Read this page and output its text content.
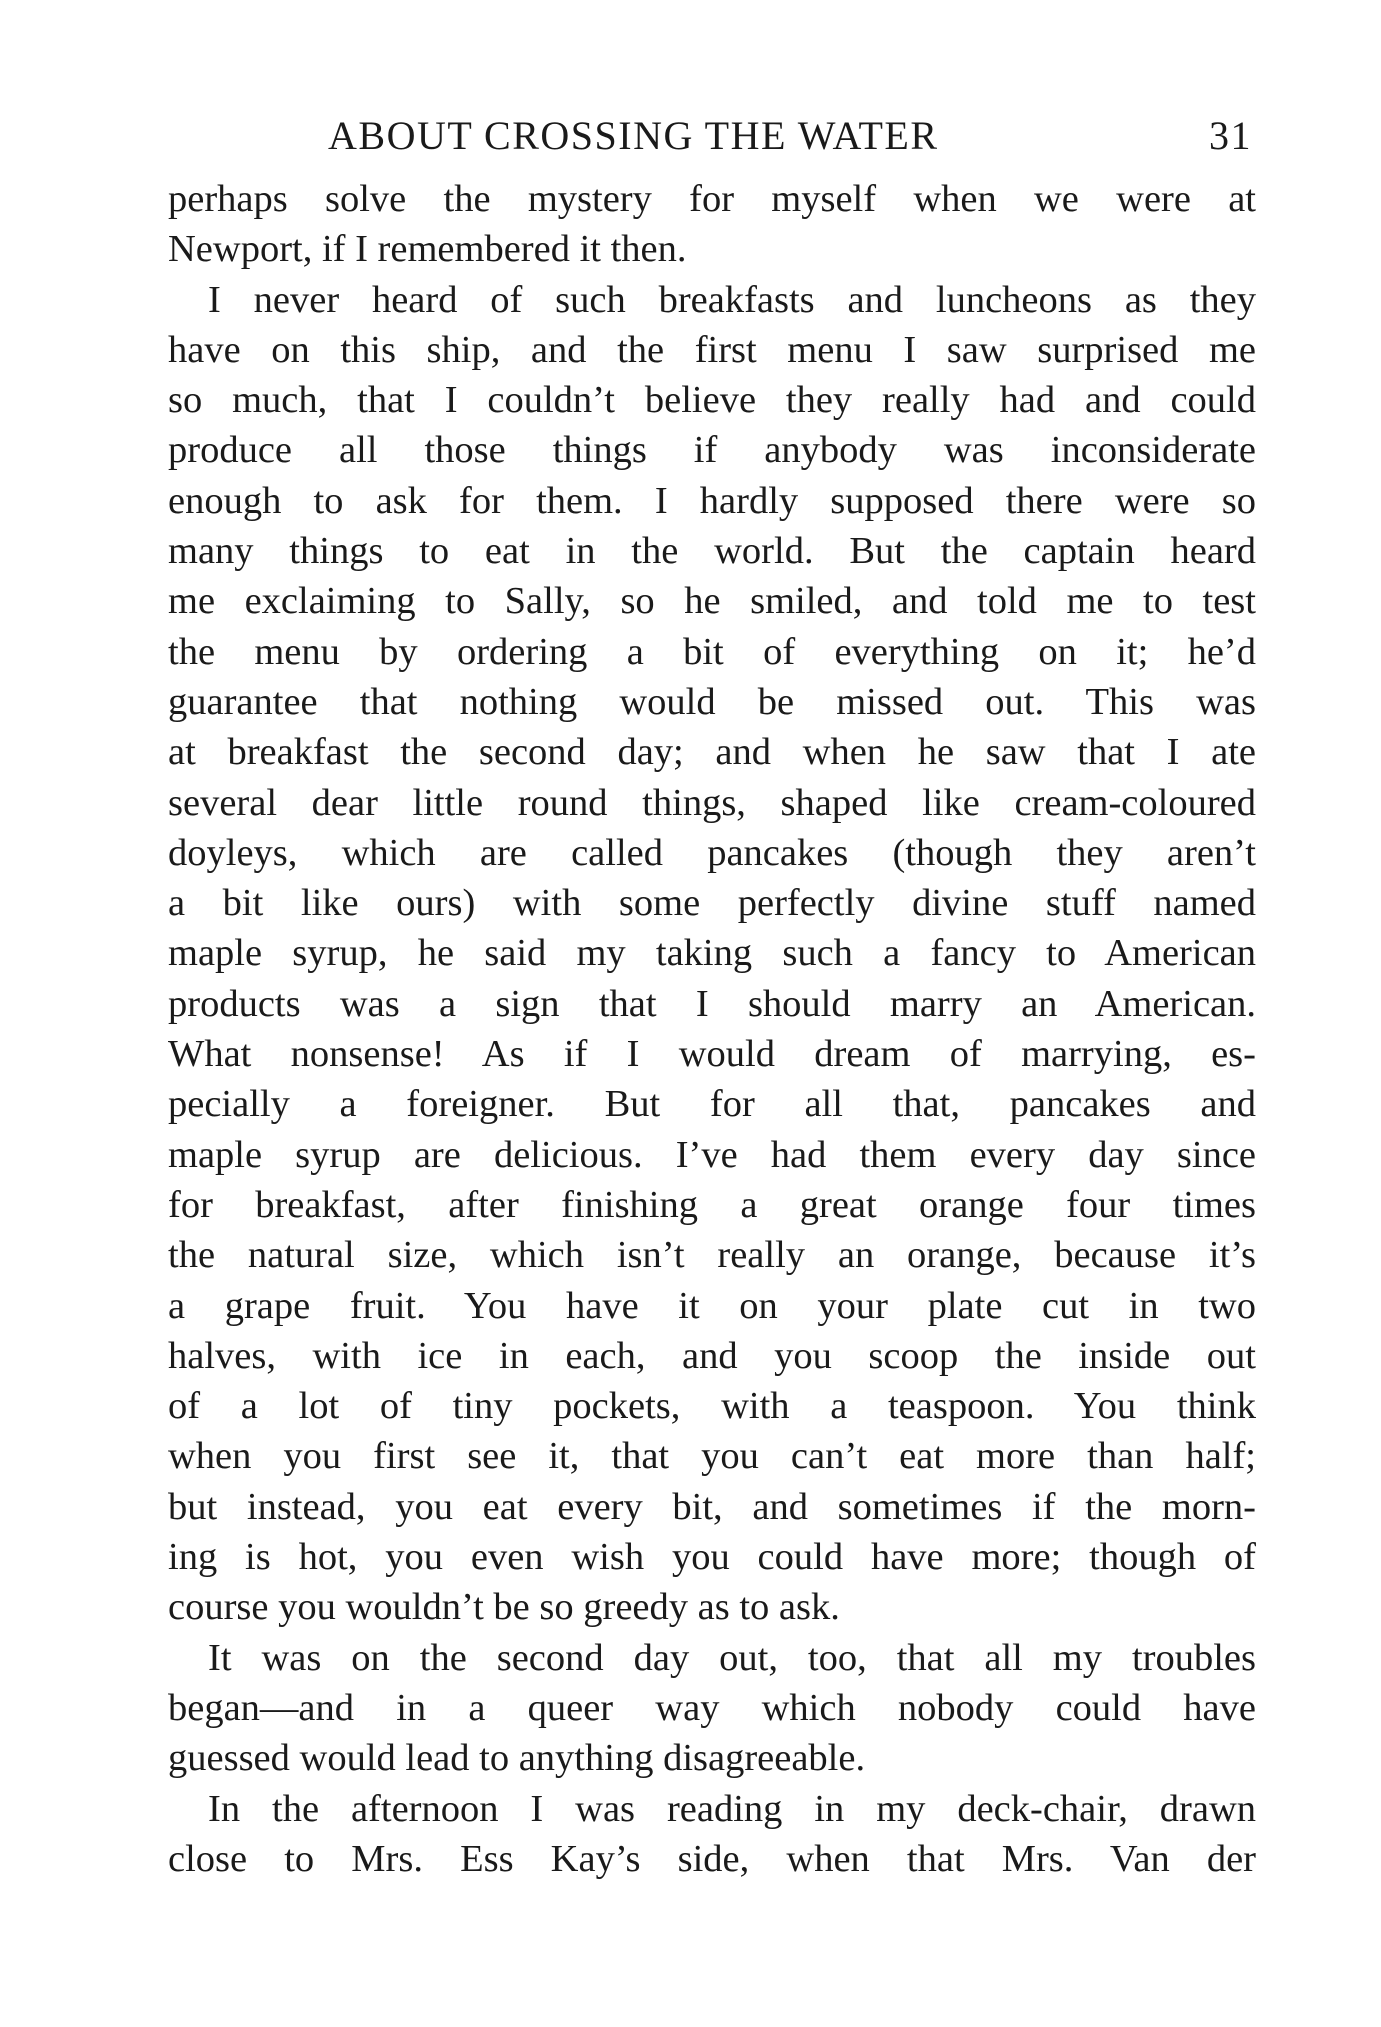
ABOUT CROSSING THE WATER	31
perhaps solve the mystery for myself when we were at
Newport, if I remembered it then.
I never heard of such breakfasts and luncheons as they
have on this ship, and the first menu I saw surprised me
so much, that I couldn’t believe they really had and could
produce all those things if anybody was inconsiderate
enough to ask for them. I hardly supposed there were so
many things to eat in the world. But the captain heard
me exclaiming to Sally, so he smiled, and told me to test
the menu by ordering a bit of everything on it; he’d
guarantee that nothing would be missed out. This was
at breakfast the second day; and when he saw that I ate
several dear little round things, shaped like cream-coloured
doyleys, which are called pancakes (though they aren’t
a bit like ours) with some perfectly divine stuff named
maple syrup, he said my taking such a fancy to American
products was a sign that I should marry an American.
What nonsense! As if I would dream of marrying, es-
pecially a foreigner. But for all that, pancakes and
maple syrup are delicious. I’ve had them every day since
for breakfast, after finishing a great orange four times
the natural size, which isn’t really an orange, because it’s
a grape fruit. You have it on your plate cut in two
halves, with ice in each, and you scoop the inside out
of a lot of tiny pockets, with a teaspoon. You think
when you first see it, that you can’t eat more than half;
but instead, you eat every bit, and sometimes if the morn-
ing is hot, you even wish you could have more; though of
course you wouldn’t be so greedy as to ask.
It was on the second day out, too, that all my troubles
began—and in a queer way which nobody could have
guessed would lead to anything disagreeable.
In the afternoon I was reading in my deck-chair, drawn
close to Mrs. Ess Kay’s side, when that Mrs. Van der
